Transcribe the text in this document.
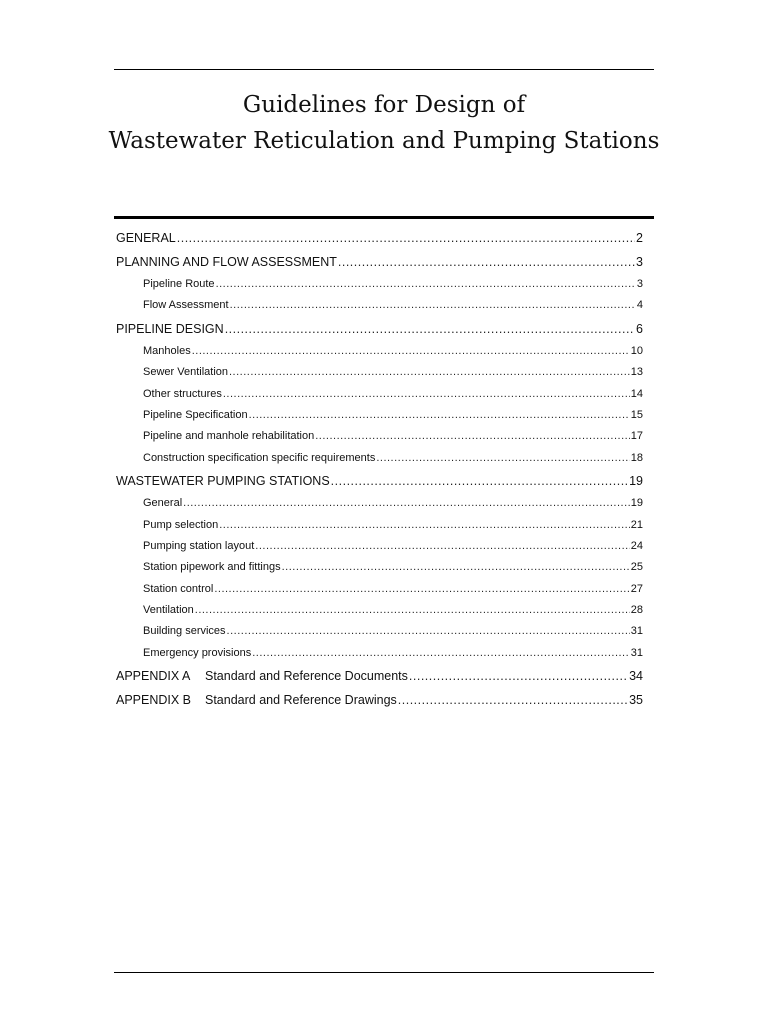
Guidelines for Design of
Wastewater Reticulation and Pumping Stations
GENERAL .....	2
PLANNING AND FLOW ASSESSMENT .....	3
Pipeline Route .....	3
Flow Assessment .....	4
PIPELINE DESIGN .....	6
Manholes .....	10
Sewer Ventilation .....	13
Other structures .....	14
Pipeline Specification .....	15
Pipeline and manhole rehabilitation .....	17
Construction specification specific requirements .....	18
WASTEWATER PUMPING STATIONS .....	19
General .....	19
Pump selection .....	21
Pumping station layout .....	24
Station pipework and fittings .....	25
Station control .....	27
Ventilation .....	28
Building services .....	31
Emergency provisions .....	31
APPENDIX A Standard and Reference Documents .....	34
APPENDIX B Standard and Reference Drawings .....	35
